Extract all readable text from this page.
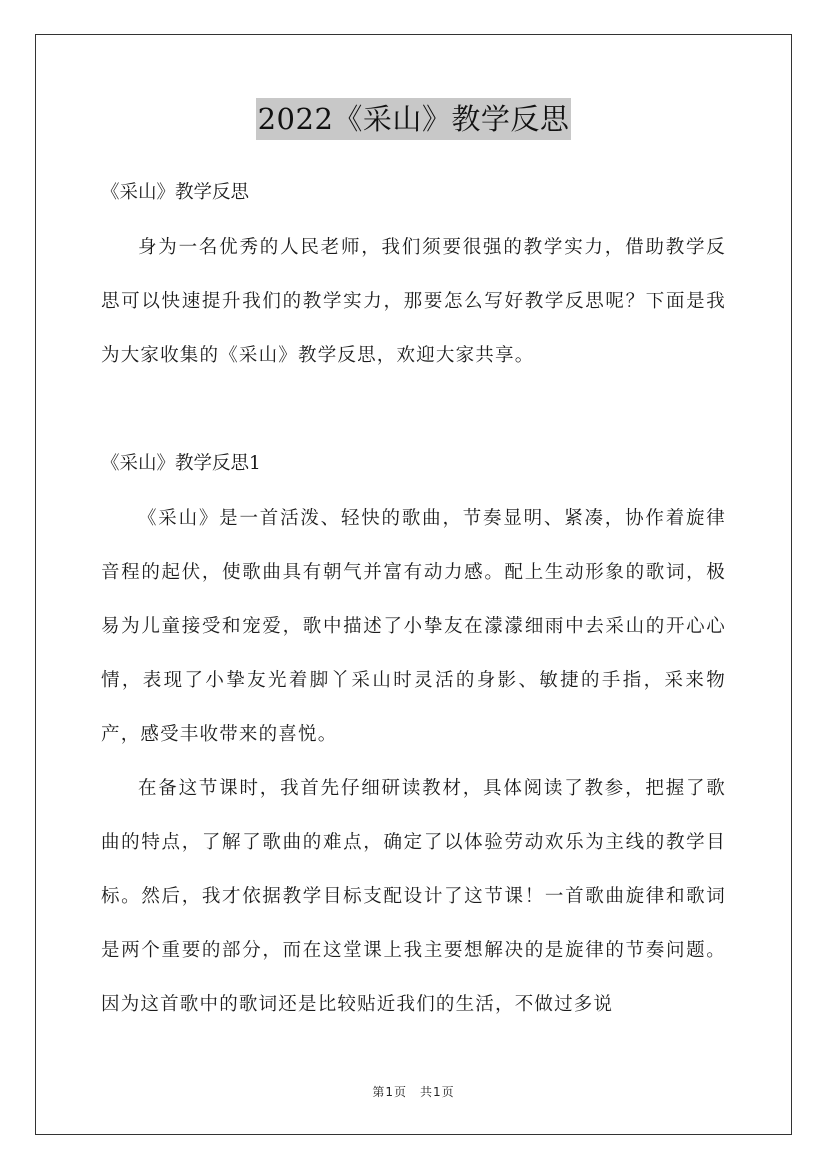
2022《采山》教学反思

《采山》教学反思

身为一名优秀的人民老师，我们须要很强的教学实力，借助教学反思可以快速提升我们的教学实力，那要怎么写好教学反思呢？下面是我为大家收集的《采山》教学反思，欢迎大家共享。

《采山》教学反思1

《采山》是一首活泼、轻快的歌曲，节奏显明、紧凑，协作着旋律音程的起伏，使歌曲具有朝气并富有动力感。配上生动形象的歌词，极易为儿童接受和宠爱，歌中描述了小挚友在濛濛细雨中去采山的开心心情，表现了小挚友光着脚丫采山时灵活的身影、敏捷的手指，采来物产，感受丰收带来的喜悦。

在备这节课时，我首先仔细研读教材，具体阅读了教参，把握了歌曲的特点，了解了歌曲的难点，确定了以体验劳动欢乐为主线的教学目标。然后，我才依据教学目标支配设计了这节课！一首歌曲旋律和歌词是两个重要的部分，而在这堂课上我主要想解决的是旋律的节奏问题。因为这首歌中的歌词还是比较贴近我们的生活，不做过多说

第1页　共1页
